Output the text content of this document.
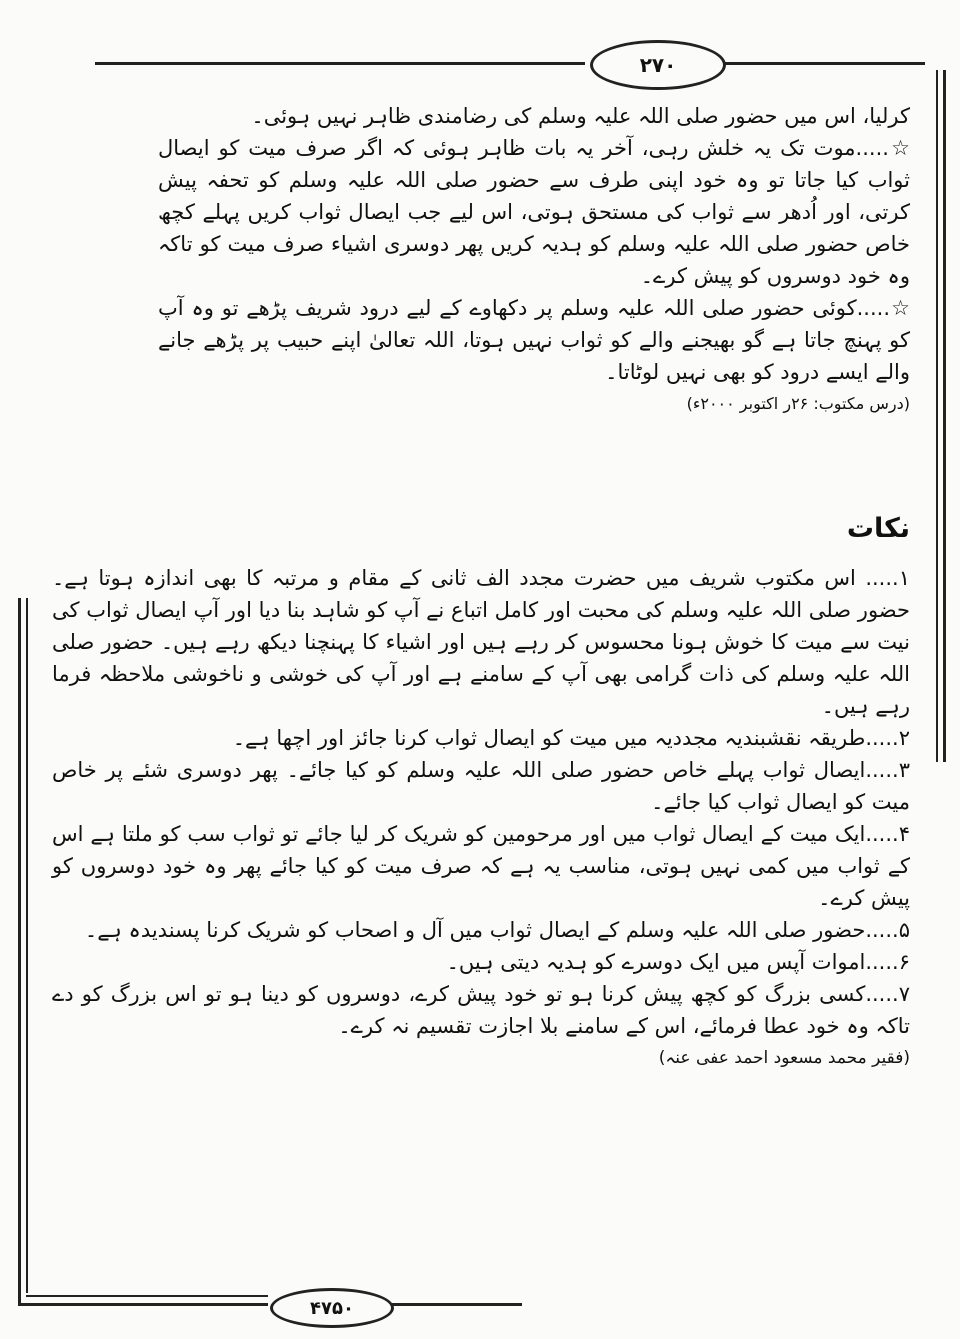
۲۷۰

کرلیا، اس میں حضور صلی اللہ علیہ وسلم کی رضامندی ظاہر نہیں ہوئی۔

☆.....موت تک یہ خلش رہی، آخر یہ بات ظاہر ہوئی کہ اگر صرف میت کو ایصال ثواب کیا جاتا تو وہ خود اپنی طرف سے حضور صلی اللہ علیہ وسلم کو تحفہ پیش کرتی، اور اُدھر سے ثواب کی مستحق ہوتی، اس لیے جب ایصال ثواب کریں پہلے کچھ خاص حضور صلی اللہ علیہ وسلم کو ہدیہ کریں پھر دوسری اشیاء صرف میت کو تاکہ وہ خود دوسروں کو پیش کرے۔

☆.....کوئی حضور صلی اللہ علیہ وسلم پر دکھاوے کے لیے درود شریف پڑھے تو وہ آپ کو پہنچ جاتا ہے گو بھیجنے والے کو ثواب نہیں ہوتا، اللہ تعالیٰ اپنے حبیب پر پڑھے جانے والے ایسے درود کو بھی نہیں لوٹاتا۔

(درس مکتوب: ۲۶ر اکتوبر ۲۰۰۰ء)

نکات

۱..... اس مکتوب شریف میں حضرت مجدد الف ثانی کے مقام و مرتبہ کا بھی اندازہ ہوتا ہے۔ حضور صلی اللہ علیہ وسلم کی محبت اور کامل اتباع نے آپ کو شاہد بنا دیا اور آپ ایصال ثواب کی نیت سے میت کا خوش ہونا محسوس کر رہے ہیں اور اشیاء کا پہنچنا دیکھ رہے ہیں۔ حضور صلی اللہ علیہ وسلم کی ذات گرامی بھی آپ کے سامنے ہے اور آپ کی خوشی و ناخوشی ملاحظہ فرما رہے ہیں۔

۲.....طریقہ نقشبندیہ مجددیہ میں میت کو ایصال ثواب کرنا جائز اور اچھا ہے۔

۳.....ایصال ثواب پہلے خاص حضور صلی اللہ علیہ وسلم کو کیا جائے۔ پھر دوسری شئے پر خاص میت کو ایصال ثواب کیا جائے۔

۴.....ایک میت کے ایصال ثواب میں اور مرحومین کو شریک کر لیا جائے تو ثواب سب کو ملتا ہے اس کے ثواب میں کمی نہیں ہوتی، مناسب یہ ہے کہ صرف میت کو کیا جائے پھر وہ خود دوسروں کو پیش کرے۔

۵.....حضور صلی اللہ علیہ وسلم کے ایصال ثواب میں آل و اصحاب کو شریک کرنا پسندیدہ ہے۔

۶.....اموات آپس میں ایک دوسرے کو ہدیہ دیتی ہیں۔

۷.....کسی بزرگ کو کچھ پیش کرنا ہو تو خود پیش کرے، دوسروں کو دینا ہو تو اس بزرگ کو دے تاکہ وہ خود عطا فرمائے، اس کے سامنے بلا اجازت تقسیم نہ کرے۔

(فقیر محمد مسعود احمد عفی عنہ)

۴۷۵۰
